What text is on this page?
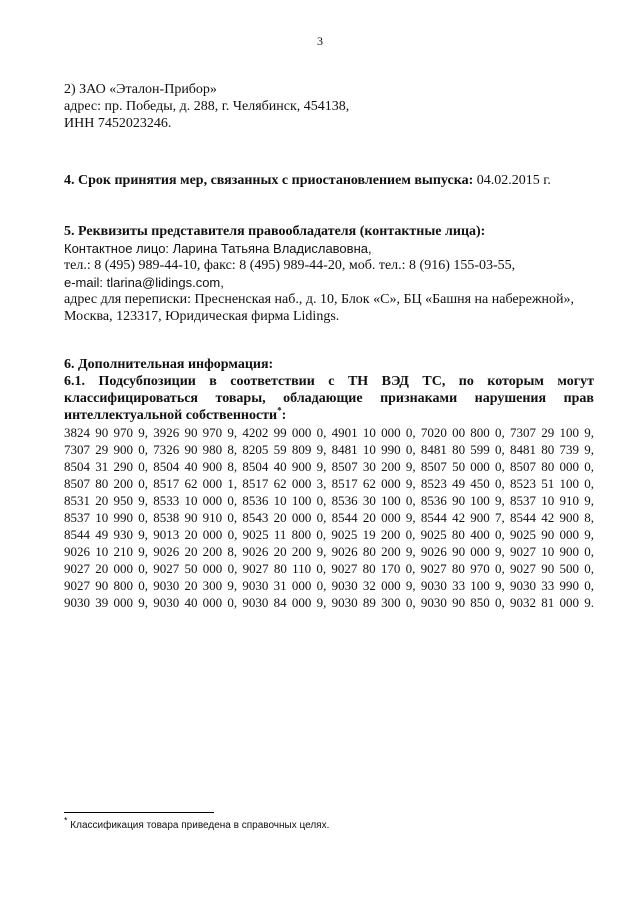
3
2) ЗАО «Эталон-Прибор»
адрес: пр. Победы, д. 288, г. Челябинск, 454138,
ИНН 7452023246.
4. Срок принятия мер, связанных с приостановлением выпуска: 04.02.2015 г.
5. Реквизиты представителя правообладателя (контактные лица):
Контактное лицо: Ларина Татьяна Владиславовна,
тел.: 8 (495) 989-44-10, факс: 8 (495) 989-44-20, моб. тел.: 8 (916) 155-03-55,
e-mail: tlarina@lidings.com,
адрес для переписки: Пресненская наб., д. 10, Блок «С», БЦ «Башня на набережной»,
Москва, 123317, Юридическая фирма Lidings.
6. Дополнительная информация:
6.1. Подсубпозиции в соответствии с ТН ВЭД ТС, по которым могут
классифицироваться товары, обладающие признаками нарушения прав
интеллектуальной собственности*:
3824 90 970 9, 3926 90 970 9, 4202 99 000 0, 4901 10 000 0, 7020 00 800 0, 7307 29 100 9,
7307 29 900 0, 7326 90 980 8, 8205 59 809 9, 8481 10 990 0, 8481 80 599 0, 8481 80 739 9,
8504 31 290 0, 8504 40 900 8, 8504 40 900 9, 8507 30 200 9, 8507 50 000 0, 8507 80 000 0,
8507 80 200 0, 8517 62 000 1, 8517 62 000 3, 8517 62 000 9, 8523 49 450 0, 8523 51 100 0,
8531 20 950 9, 8533 10 000 0, 8536 10 100 0, 8536 30 100 0, 8536 90 100 9, 8537 10 910 9,
8537 10 990 0, 8538 90 910 0, 8543 20 000 0, 8544 20 000 9, 8544 42 900 7, 8544 42 900 8,
8544 49 930 9, 9013 20 000 0, 9025 11 800 0, 9025 19 200 0, 9025 80 400 0, 9025 90 000 9,
9026 10 210 9, 9026 20 200 8, 9026 20 200 9, 9026 80 200 9, 9026 90 000 9, 9027 10 900 0,
9027 20 000 0, 9027 50 000 0, 9027 80 110 0, 9027 80 170 0, 9027 80 970 0, 9027 90 500 0,
9027 90 800 0, 9030 20 300 9, 9030 31 000 0, 9030 32 000 9, 9030 33 100 9, 9030 33 990 0,
9030 39 000 9, 9030 40 000 0, 9030 84 000 9, 9030 89 300 0, 9030 90 850 0, 9032 81 000 9.
* Классификация товара приведена в справочных целях.
